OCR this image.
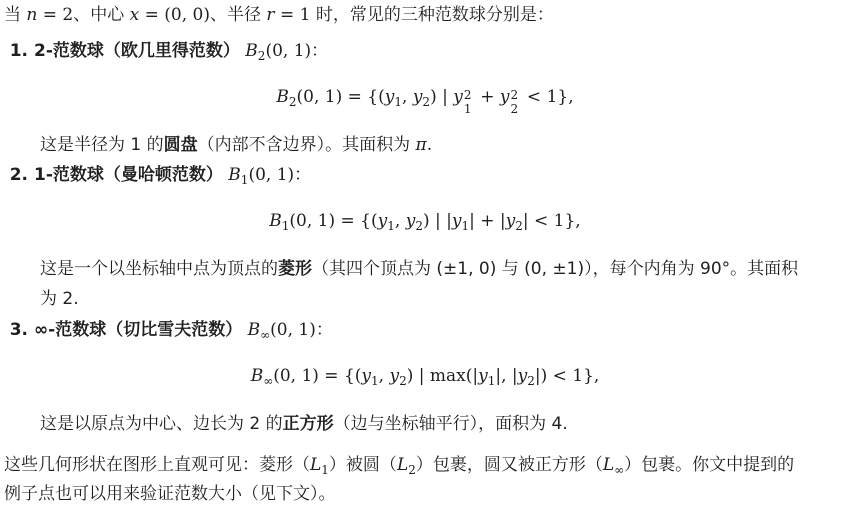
当 n = 2、中心 x = (0, 0)、半径 r = 1 时，常见的三种范数球分别是：
1. 2-范数球（欧几里得范数） $B_2(0$, 1)：
$B_2(0$, $1) = \{(y_1$, $y_2$) | y 2
1
+ y 2
2
< 1},
这是半径为 1 的圆盘（内部不含边界）。其面积为 π.
2. 1-范数球（曼哈顿范数） $B_1(0$, 1)：
$B_1(0$, $1) = \{(y_1$, $y_2$) | $|y_1| + |y_2| < 1$},
这是一个以坐标轴中点为顶点的菱形（其四个顶点为 (±1, 0) 与 (0, ±1)），每个内角为 90°。其面积
为 2.
3. ∞-范数球（切比雪夫范数） $B_\infty(0$, 1)：
$B_\infty(0$, $1) = \{(y_1$, $y_2$) | $\max(|y_1|$, $|y_2|) < 1$},
这是以原点为中心、边长为 2 的正方形（边与坐标轴平行），面积为 4.
这些几何形状在图形上直观可见：菱形$(L_1)$被圆$(L_2)$包裹，圆又被正方形$(L_\infty)$包裹。你文中提到的
例子点也可以用来验证范数大小（见下文）。
